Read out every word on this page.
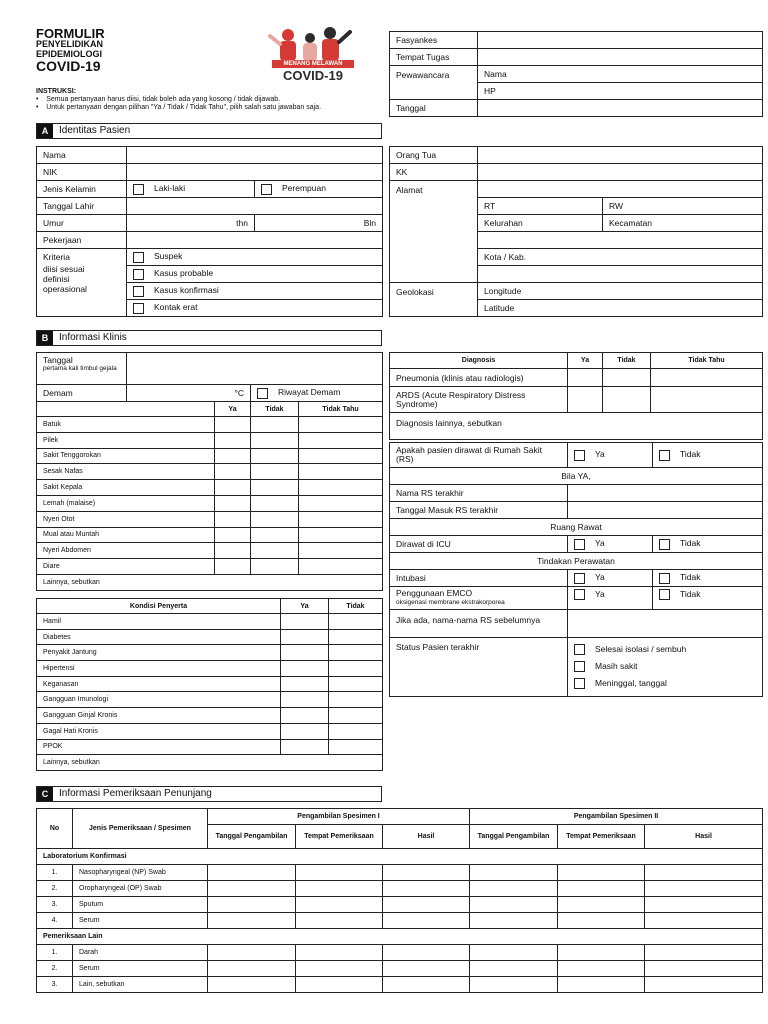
FORMULIR
PENYELIDIKAN
EPIDEMIOLOGI
COVID-19	MENANG MELAWAN
COVID-19
INSTRUKSI:
•    Semua pertanyaan harus diisi, tidak boleh ada yang kosong / tidak dijawab.
•    Untuk pertanyaan dengan pilihan "Ya / Tidak / Tidak Tahu", pilih salah satu jawaban saja.
Fasyankes	
Tempat Tugas	
Pewawancara	Nama
	HP
Tanggal	
A	Identitas Pasien
Nama		
NIK		
Jenis Kelamin	Laki-laki	Perempuan
Tanggal Lahir		
Umur	thn	Bln
Pekerjaan		

Kriteria
diisi sesuai definisi operasional	Suspek	
	Kasus probable	
	Kasus konfirmasi	
	Kontak erat	
Orang Tua		
KK		
Alamat		
	RT	RW
	Kelurahan	Kecamatan

	Kota / Kab.	

Geolokasi	Longitude	
	Latitude	
B	Informasi Klinis
Tanggal
pertama kali timbul gejala				

Demam	°C		Riwayat Demam	
		Ya	Tidak	Tidak Tahu
Batuk				
Pilek				
Sakit Tenggorokan				
Sesak Nafas				
Sakit Kepala				
Lemah (malaise)				
Nyeri Otot				
Mual atau Muntah				
Nyeri Abdomen				
Diare				
Lainnya, sebutkan				
Kondisi Penyerta	Ya	Tidak
Hamil		
Diabetes		
Penyakit Jantung		
Hipertensi		
Keganasan		
Gangguan Imunologi		
Gangguan Ginjal Kronis		
Gagal Hati Kronis		
PPOK		
Lainnya, sebutkan		
Diagnosis	Ya	Tidak	Tidak Tahu
Pneumonia (klinis atau radiologis)			
ARDS (Acute Respiratory Distress Syndrome)			
Diagnosis lainnya, sebutkan			
Apakah pasien dirawat di Rumah Sakit (RS)	Ya	Tidak
Bila YA,		
Nama RS terakhir		
Tanggal Masuk RS terakhir		
Ruang Rawat		
Dirawat di ICU	Ya	Tidak
Tindakan Perawatan		
Intubasi	Ya	Tidak

Penggunaan EMCO
oksigenasi membrane ekstrakorporea	Ya	Tidak
Jika ada, nama-nama RS sebelumnya		
Status Pasien terakhir	Selesai isolasi / sembuh
Masih sakit
Meninggal, tanggal	
C	Informasi Pemeriksaan Penunjang
No	Jenis Pemeriksaan / Spesimen	Pengambilan Spesimen I			Pengambilan Spesimen II		
		Tanggal Pengambilan	Tempat Pemeriksaan	Hasil	Tanggal Pengambilan	Tempat Pemeriksaan	Hasil
Laboratorium Konfirmasi							
1.	Nasopharyngeal (NP) Swab						
2.	Oropharyngeal (OP) Swab						
3.	Sputum						
4.	Serum						
Pemeriksaan Lain							
1.	Darah						
2.	Serum						
3.	Lain, sebutkan						
